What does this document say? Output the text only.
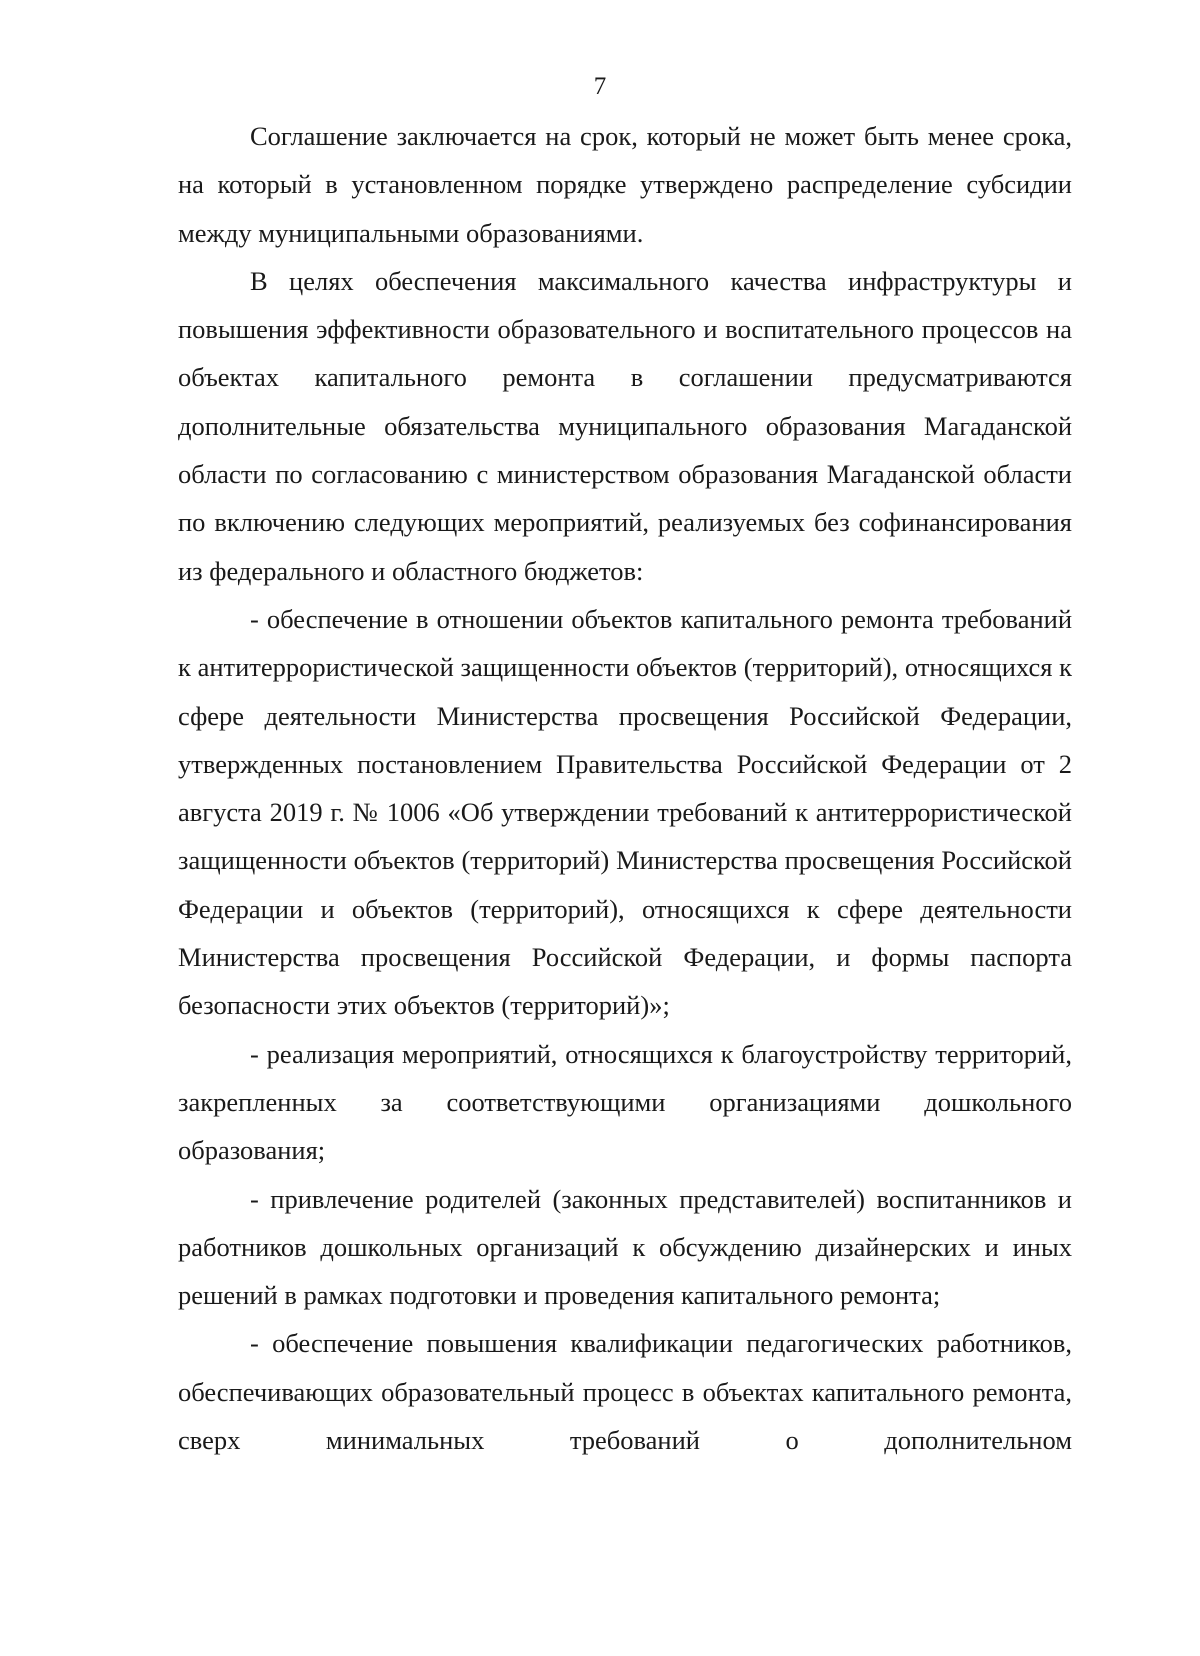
7

Соглашение заключается на срок, который не может быть менее срока, на который в установленном порядке утверждено распределение субсидии между муниципальными образованиями.

В целях обеспечения максимального качества инфраструктуры и повышения эффективности образовательного и воспитательного процессов на объектах капитального ремонта в соглашении предусматриваются дополнительные обязательства муниципального образования Магаданской области по согласованию с министерством образования Магаданской области по включению следующих мероприятий, реализуемых без софинансирования из федерального и областного бюджетов:

- обеспечение в отношении объектов капитального ремонта требований к антитеррористической защищенности объектов (территорий), относящихся к сфере деятельности Министерства просвещения Российской Федерации, утвержденных постановлением Правительства Российской Федерации от 2 августа 2019 г. № 1006 «Об утверждении требований к антитеррористической защищенности объектов (территорий) Министерства просвещения Российской Федерации и объектов (территорий), относящихся к сфере деятельности Министерства просвещения Российской Федерации, и формы паспорта безопасности этих объектов (территорий)»;

- реализация мероприятий, относящихся к благоустройству территорий, закрепленных за соответствующими организациями дошкольного образования;

- привлечение родителей (законных представителей) воспитанников и работников дошкольных организаций к обсуждению дизайнерских и иных решений в рамках подготовки и проведения капитального ремонта;

- обеспечение повышения квалификации педагогических работников, обеспечивающих образовательный процесс в объектах капитального ремонта, сверх минимальных требований о дополнительном
